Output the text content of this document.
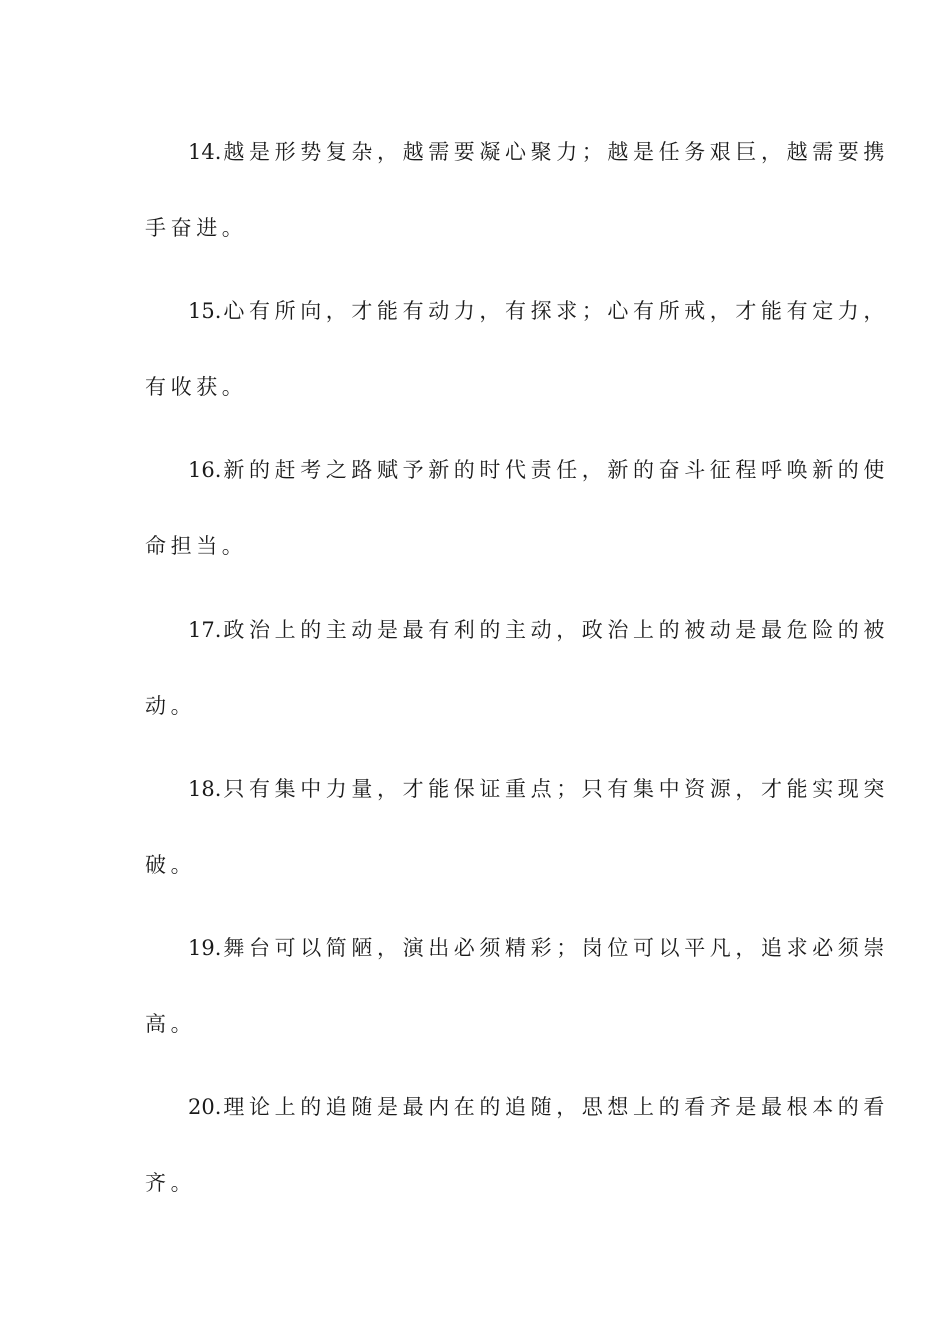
14.越是形势复杂，越需要凝心聚力；越是任务艰巨，越需要携
手奋进。
15.心有所向，才能有动力，有探求；心有所戒，才能有定力，
有收获。
16.新的赶考之路赋予新的时代责任，新的奋斗征程呼唤新的使
命担当。
17.政治上的主动是最有利的主动，政治上的被动是最危险的被
动。
18.只有集中力量，才能保证重点；只有集中资源，才能实现突
破。
19.舞台可以简陋，演出必须精彩；岗位可以平凡，追求必须崇
高。
20.理论上的追随是最内在的追随，思想上的看齐是最根本的看
齐。
